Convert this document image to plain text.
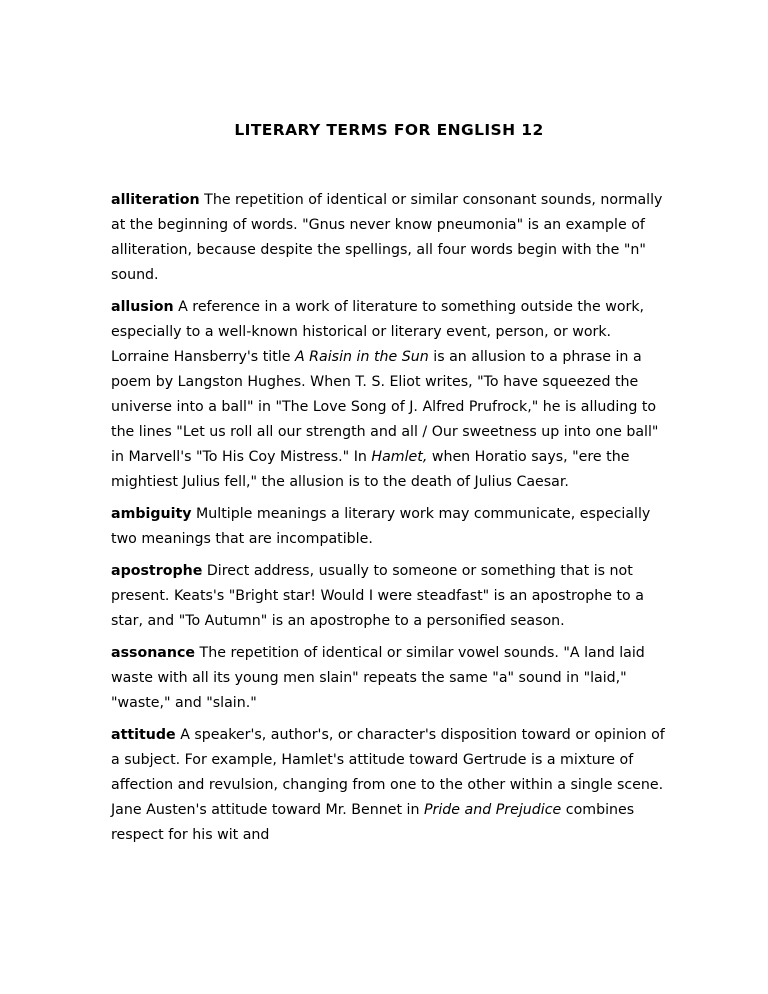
LITERARY TERMS FOR ENGLISH 12

alliteration The repetition of identical or similar consonant sounds, normally at the beginning of words. "Gnus never know pneumonia" is an example of alliteration, because despite the spellings, all four words begin with the "n" sound.

allusion A reference in a work of literature to something outside the work, especially to a well-known historical or literary event, person, or work. Lorraine Hansberry's title A Raisin in the Sun is an allusion to a phrase in a poem by Langston Hughes. When T. S. Eliot writes, "To have squeezed the universe into a ball" in "The Love Song of J. Alfred Prufrock," he is alluding to the lines "Let us roll all our strength and all / Our sweetness up into one ball" in Marvell's "To His Coy Mistress." In Hamlet, when Horatio says, "ere the mightiest Julius fell," the allusion is to the death of Julius Caesar.

ambiguity Multiple meanings a literary work may communicate, especially two meanings that are incompatible.

apostrophe Direct address, usually to someone or something that is not present. Keats's "Bright star! Would I were steadfast" is an apostrophe to a star, and "To Autumn" is an apostrophe to a personified season.

assonance The repetition of identical or similar vowel sounds. "A land laid waste with all its young men slain" repeats the same "a" sound in "laid," "waste," and "slain."

attitude A speaker's, author's, or character's disposition toward or opinion of a subject. For example, Hamlet's attitude toward Gertrude is a mixture of affection and revulsion, changing from one to the other within a single scene. Jane Austen's attitude toward Mr. Bennet in Pride and Prejudice combines respect for his wit and
